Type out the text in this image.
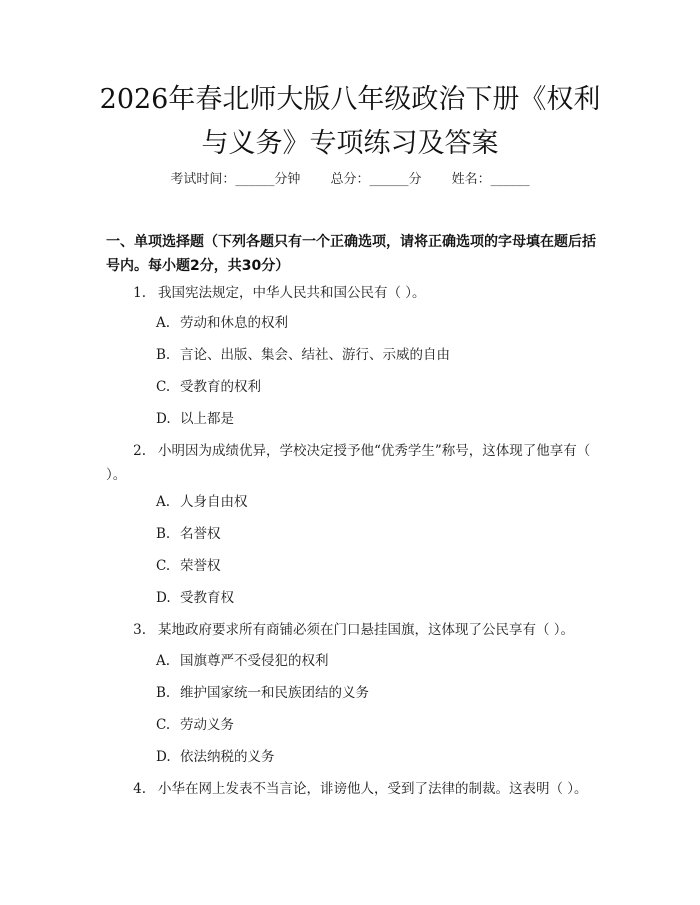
2026年春北师大版八年级政治下册《权利与义务》专项练习及答案
考试时间：______分钟 总分：______分 姓名：______
一、单项选择题（下列各题只有一个正确选项，请将正确选项的字母填在题后括号内。每小题2分，共30分）
1. 我国宪法规定，中华人民共和国公民有（ ）。
A. 劳动和休息的权利
B. 言论、出版、集会、结社、游行、示威的自由
C. 受教育的权利
D. 以上都是
2. 小明因为成绩优异，学校决定授予他“优秀学生”称号，这体现了他享有（ ）。
A. 人身自由权
B. 名誉权
C. 荣誉权
D. 受教育权
3. 某地政府要求所有商铺必须在门口悬挂国旗，这体现了公民享有（ ）。
A. 国旗尊严不受侵犯的权利
B. 维护国家统一和民族团结的义务
C. 劳动义务
D. 依法纳税的义务
4. 小华在网上发表不当言论，诽谤他人，受到了法律的制裁。这表明（ ）。
